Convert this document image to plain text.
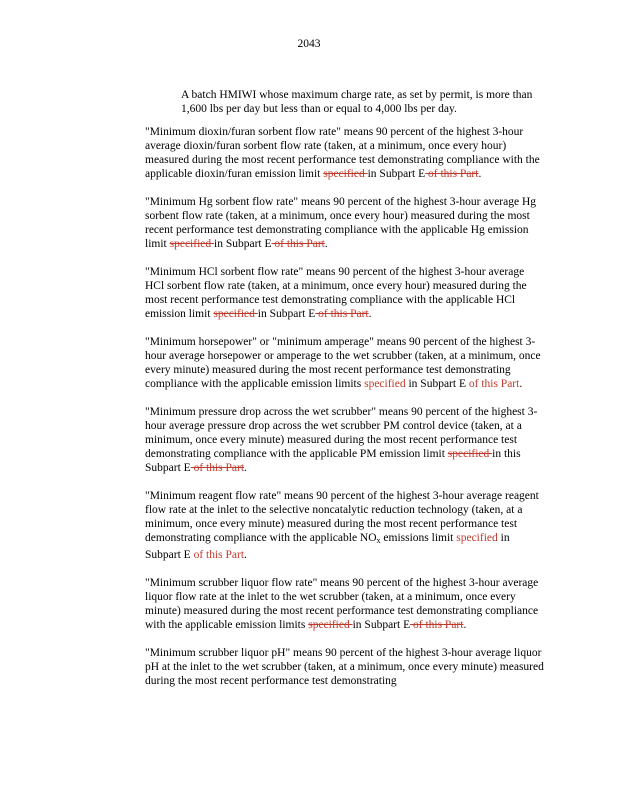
2043
A batch HMIWI whose maximum charge rate, as set by permit, is more than 1,600 lbs per day but less than or equal to 4,000 lbs per day.

"Minimum dioxin/furan sorbent flow rate" means 90 percent of the highest 3-hour average dioxin/furan sorbent flow rate (taken, at a minimum, once every hour) measured during the most recent performance test demonstrating compliance with the applicable dioxin/furan emission limit specified in Subpart E of this Part.

"Minimum Hg sorbent flow rate" means 90 percent of the highest 3-hour average Hg sorbent flow rate (taken, at a minimum, once every hour) measured during the most recent performance test demonstrating compliance with the applicable Hg emission limit specified in Subpart E of this Part.

"Minimum HCl sorbent flow rate" means 90 percent of the highest 3-hour average HCl sorbent flow rate (taken, at a minimum, once every hour) measured during the most recent performance test demonstrating compliance with the applicable HCl emission limit specified in Subpart E of this Part.

"Minimum horsepower" or "minimum amperage" means 90 percent of the highest 3-hour average horsepower or amperage to the wet scrubber (taken, at a minimum, once every minute) measured during the most recent performance test demonstrating compliance with the applicable emission limits specified in Subpart E of this Part.

"Minimum pressure drop across the wet scrubber" means 90 percent of the highest 3-hour average pressure drop across the wet scrubber PM control device (taken, at a minimum, once every minute) measured during the most recent performance test demonstrating compliance with the applicable PM emission limit specified in this Subpart E of this Part.

"Minimum reagent flow rate" means 90 percent of the highest 3-hour average reagent flow rate at the inlet to the selective noncatalytic reduction technology (taken, at a minimum, once every minute) measured during the most recent performance test demonstrating compliance with the applicable $NO_x$ emissions limit specified in Subpart E of this Part.

"Minimum scrubber liquor flow rate" means 90 percent of the highest 3-hour average liquor flow rate at the inlet to the wet scrubber (taken, at a minimum, once every minute) measured during the most recent performance test demonstrating compliance with the applicable emission limits specified in Subpart E of this Part.

"Minimum scrubber liquor pH" means 90 percent of the highest 3-hour average liquor pH at the inlet to the wet scrubber (taken, at a minimum, once every minute) measured during the most recent performance test demonstrating
